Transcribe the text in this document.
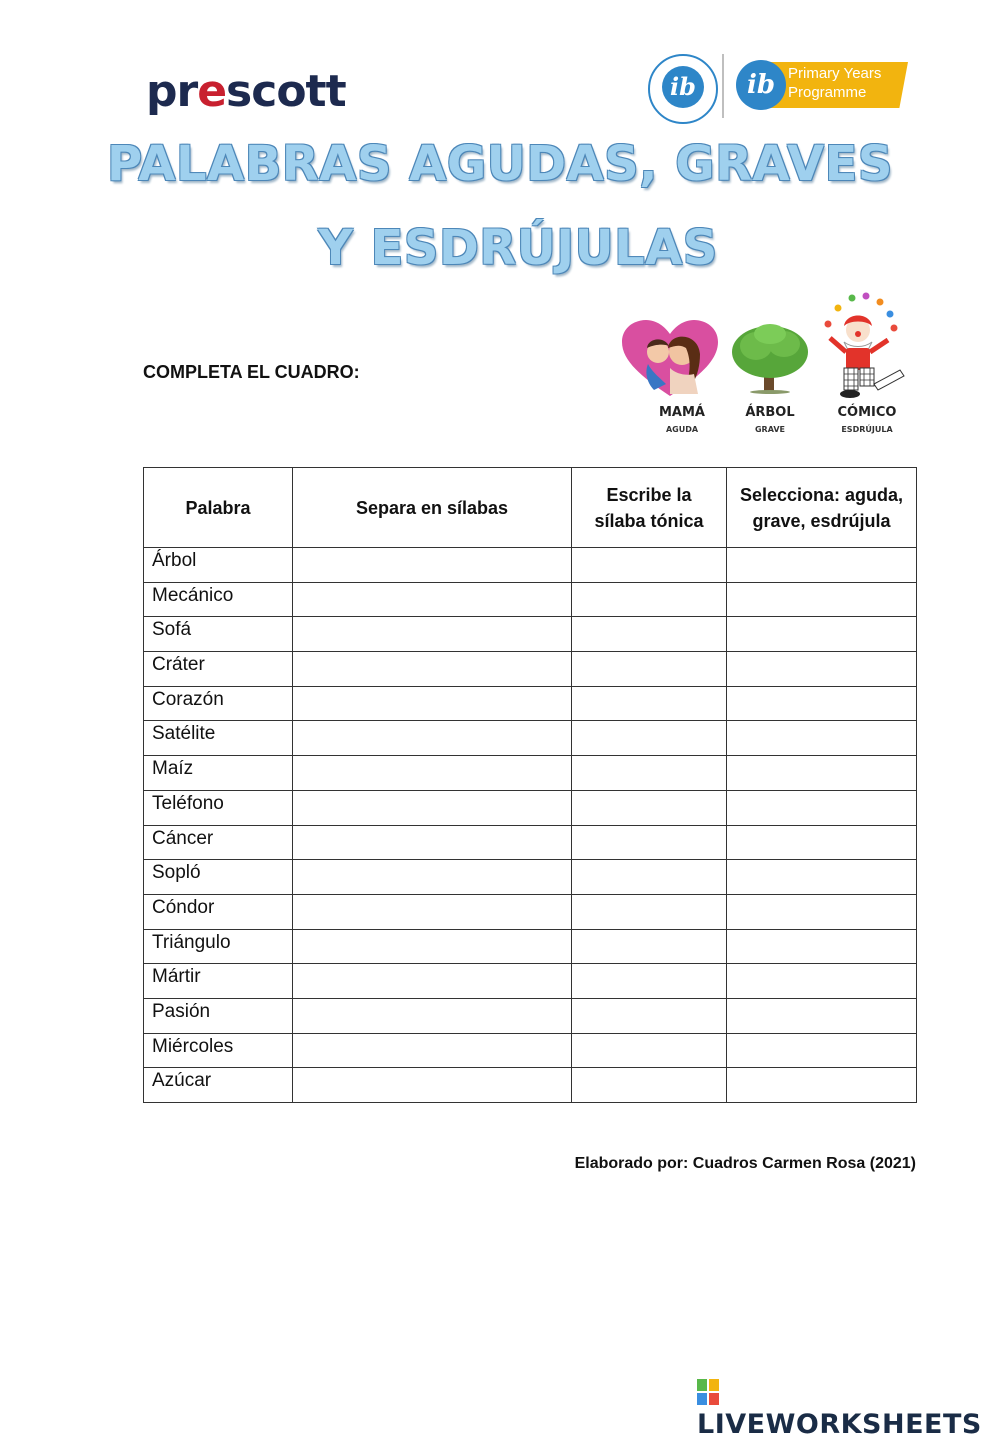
prescott	ib	ib Primary Years
Programme
PALABRAS AGUDAS, GRAVES
Y ESDRÚJULAS
COMPLETA EL CUADRO:
MAMÁ
AGUDA
ÁRBOL
GRAVE
CÓMICO
ESDRÚJULA
Palabra	Separa en sílabas	Escribe la sílaba tónica	Selecciona: aguda, grave, esdrújula
Árbol			
Mecánico			
Sofá			
Cráter			
Corazón			
Satélite			
Maíz			
Teléfono			
Cáncer			
Sopló			
Cóndor			
Triángulo			
Mártir			
Pasión			
Miércoles			
Azúcar			
Elaborado por: Cuadros Carmen Rosa (2021)
LIVEWORKSHEETS
